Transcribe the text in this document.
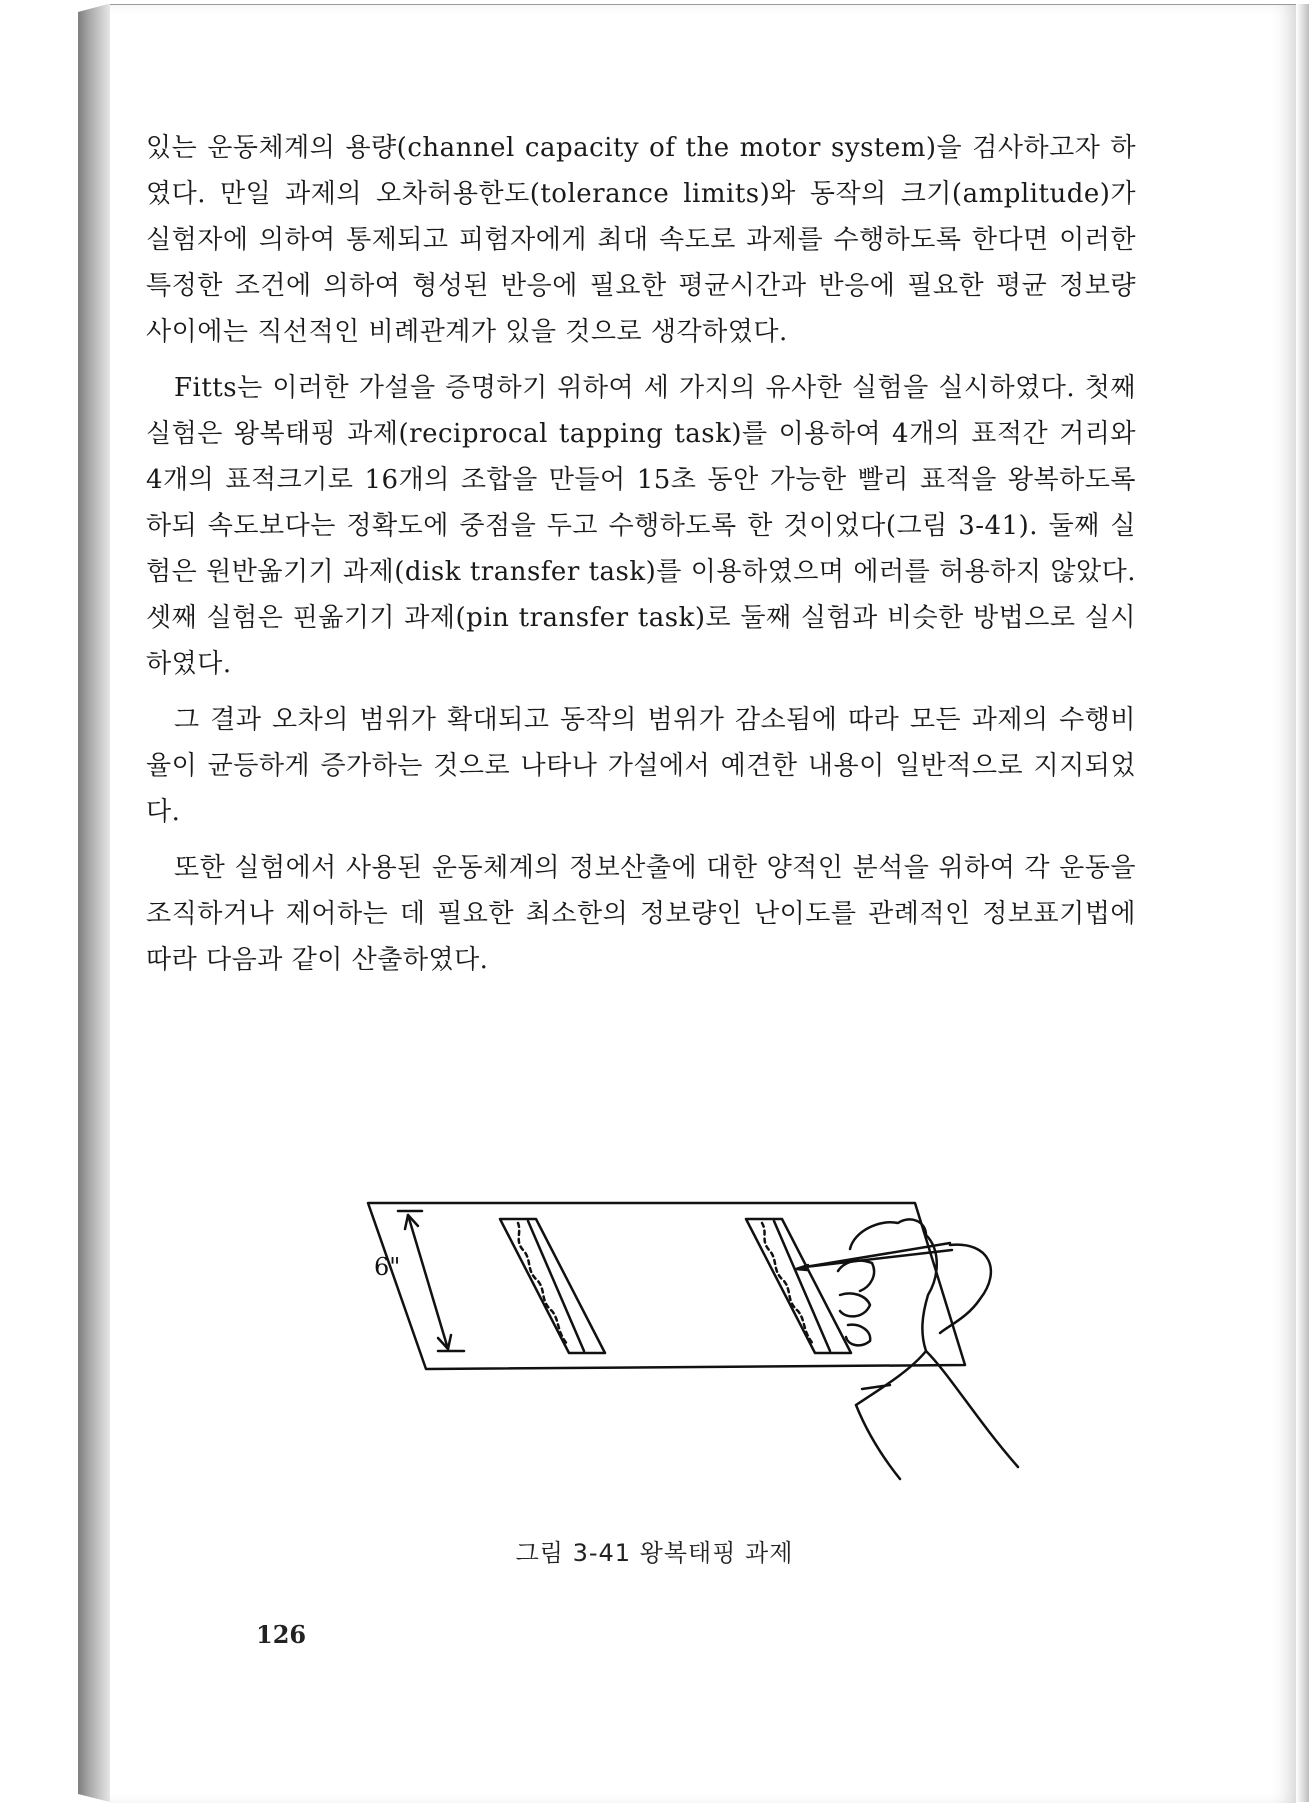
있는 운동체계의 용량(channel capacity of the motor system)을 검사하고자 하였다. 만일 과제의 오차허용한도(tolerance limits)와 동작의 크기(amplitude)가 실험자에 의하여 통제되고 피험자에게 최대 속도로 과제를 수행하도록 한다면 이러한 특정한 조건에 의하여 형성된 반응에 필요한 평균시간과 반응에 필요한 평균 정보량 사이에는 직선적인 비례관계가 있을 것으로 생각하였다.

Fitts는 이러한 가설을 증명하기 위하여 세 가지의 유사한 실험을 실시하였다. 첫째 실험은 왕복태핑 과제(reciprocal tapping task)를 이용하여 4개의 표적간 거리와 4개의 표적크기로 16개의 조합을 만들어 15초 동안 가능한 빨리 표적을 왕복하도록 하되 속도보다는 정확도에 중점을 두고 수행하도록 한 것이었다(그림 3-41). 둘째 실험은 원반옮기기 과제(disk transfer task)를 이용하였으며 에러를 허용하지 않았다. 셋째 실험은 핀옮기기 과제(pin transfer task)로 둘째 실험과 비슷한 방법으로 실시하였다.

그 결과 오차의 범위가 확대되고 동작의 범위가 감소됨에 따라 모든 과제의 수행비율이 균등하게 증가하는 것으로 나타나 가설에서 예견한 내용이 일반적으로 지지되었다.

또한 실험에서 사용된 운동체계의 정보산출에 대한 양적인 분석을 위하여 각 운동을 조직하거나 제어하는 데 필요한 최소한의 정보량인 난이도를 관례적인 정보표기법에 따라 다음과 같이 산출하였다.

6"
그림 3-41 왕복태핑 과제
126
